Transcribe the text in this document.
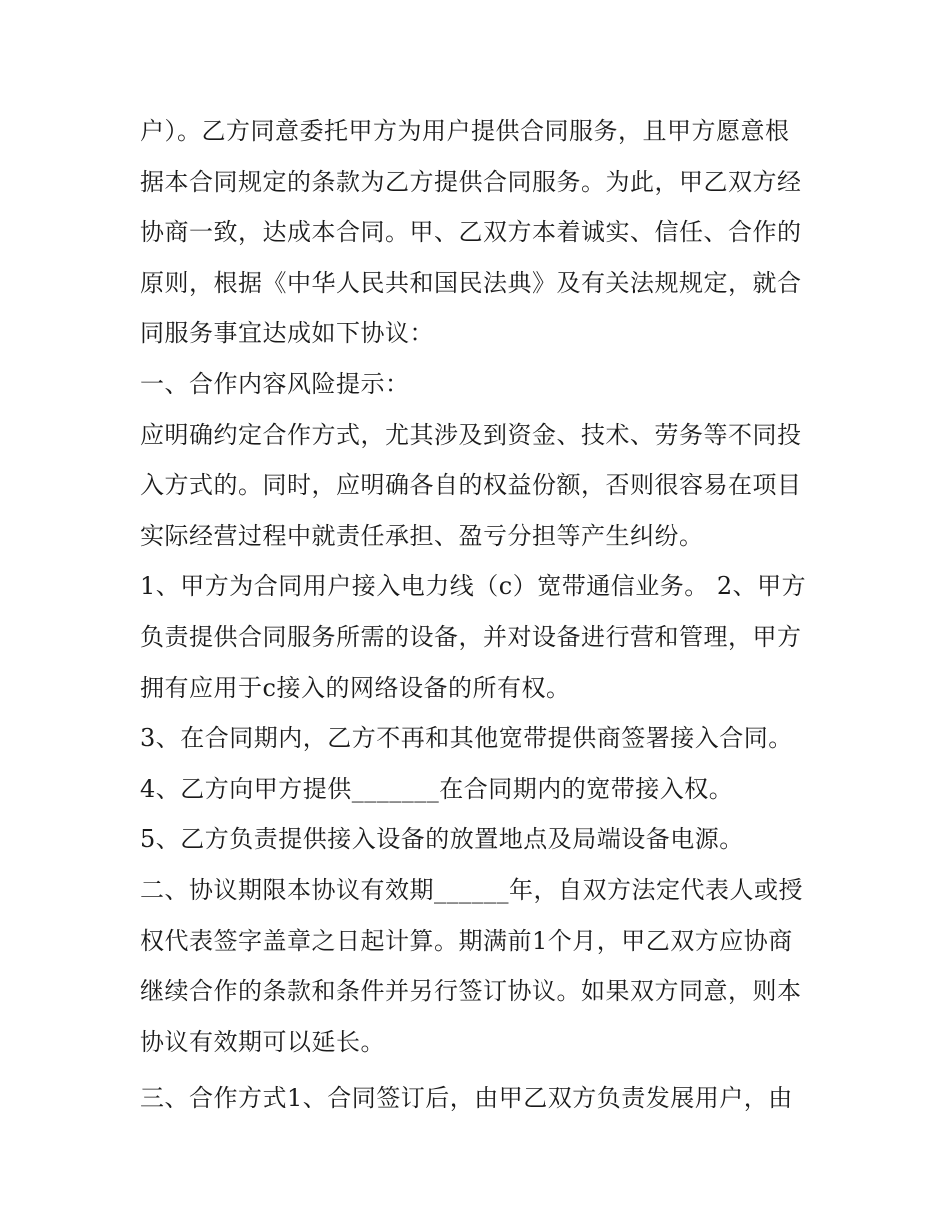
户）。乙方同意委托甲方为用户提供合同服务，且甲方愿意根
据本合同规定的条款为乙方提供合同服务。为此，甲乙双方经
协商一致，达成本合同。甲、乙双方本着诚实、信任、合作的
原则，根据《中华人民共和国民法典》及有关法规规定，就合
同服务事宜达成如下协议：
一、合作内容风险提示：
应明确约定合作方式，尤其涉及到资金、技术、劳务等不同投
入方式的。同时，应明确各自的权益份额，否则很容易在项目
实际经营过程中就责任承担、盈亏分担等产生纠纷。
1、甲方为合同用户接入电力线（c）宽带通信业务。 2、甲方
负责提供合同服务所需的设备，并对设备进行营和管理，甲方
拥有应用于c接入的网络设备的所有权。
3、在合同期内，乙方不再和其他宽带提供商签署接入合同。
4、乙方向甲方提供_______在合同期内的宽带接入权。
5、乙方负责提供接入设备的放置地点及局端设备电源。
二、协议期限本协议有效期______年，自双方法定代表人或授
权代表签字盖章之日起计算。期满前1个月，甲乙双方应协商
继续合作的条款和条件并另行签订协议。如果双方同意，则本
协议有效期可以延长。
三、合作方式1、合同签订后，由甲乙双方负责发展用户，由
